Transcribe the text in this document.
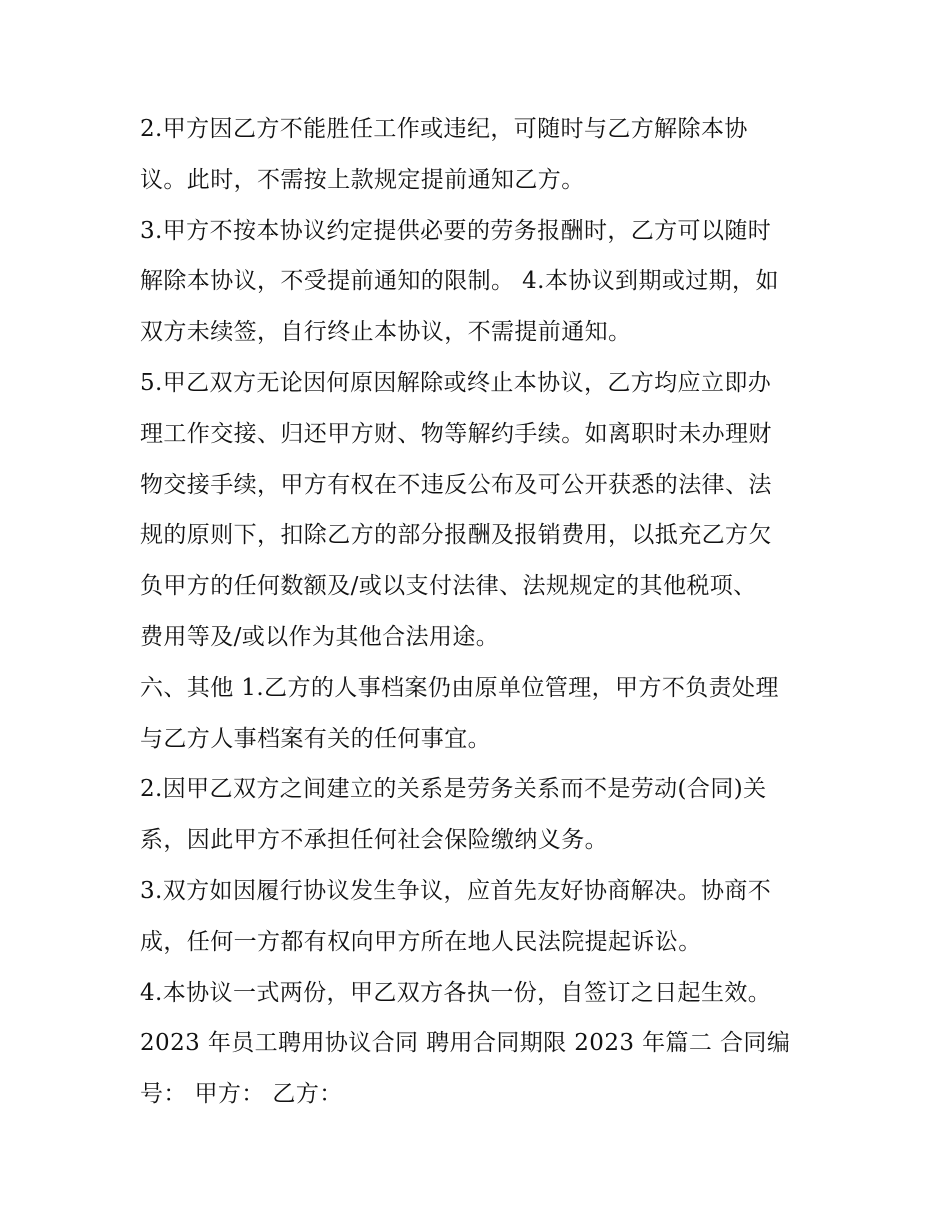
2.甲方因乙方不能胜任工作或违纪，可随时与乙方解除本协
议。此时，不需按上款规定提前通知乙方。
3.甲方不按本协议约定提供必要的劳务报酬时，乙方可以随时
解除本协议，不受提前通知的限制。 4.本协议到期或过期，如
双方未续签，自行终止本协议，不需提前通知。
5.甲乙双方无论因何原因解除或终止本协议，乙方均应立即办
理工作交接、归还甲方财、物等解约手续。如离职时未办理财
物交接手续，甲方有权在不违反公布及可公开获悉的法律、法
规的原则下，扣除乙方的部分报酬及报销费用，以抵充乙方欠
负甲方的任何数额及/或以支付法律、法规规定的其他税项、
费用等及/或以作为其他合法用途。
六、其他 1.乙方的人事档案仍由原单位管理，甲方不负责处理
与乙方人事档案有关的任何事宜。
2.因甲乙双方之间建立的关系是劳务关系而不是劳动(合同)关
系，因此甲方不承担任何社会保险缴纳义务。
3.双方如因履行协议发生争议，应首先友好协商解决。协商不
成，任何一方都有权向甲方所在地人民法院提起诉讼。
4.本协议一式两份，甲乙双方各执一份，自签订之日起生效。
2023 年员工聘用协议合同 聘用合同期限 2023 年篇二 合同编
号： 甲方： 乙方：
